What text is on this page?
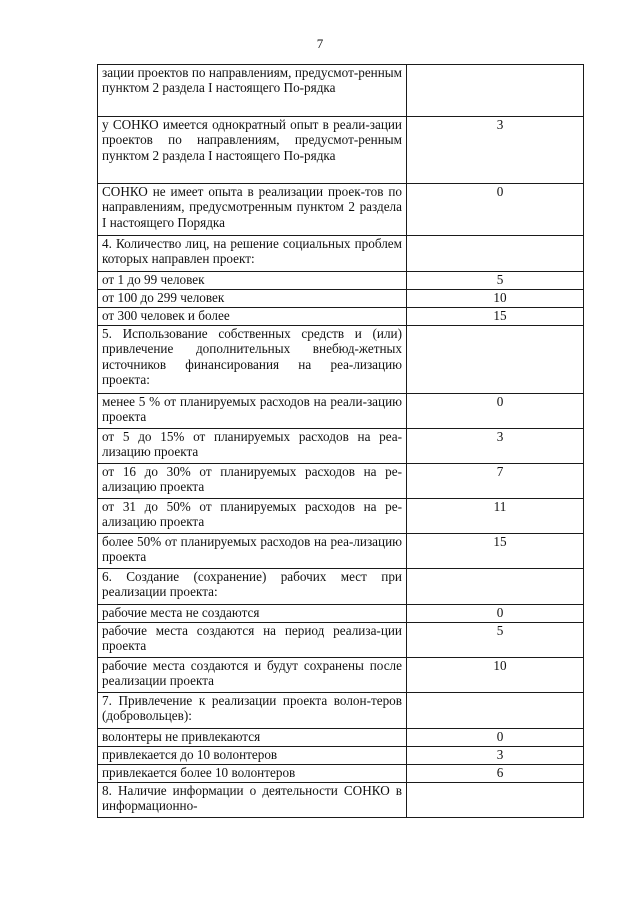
7
зации проектов по направлениям, предусмот-ренным пунктом 2 раздела I настоящего По-рядка	
у СОНКО имеется однократный опыт в реали-зации проектов по направлениям, предусмот-ренным пунктом 2 раздела I настоящего По-рядка	3
СОНКО не имеет опыта в реализации проек-тов по направлениям, предусмотренным пунктом 2 раздела I настоящего Порядка	0
4. Количество лиц, на решение социальных проблем которых направлен проект:	
от 1 до 99 человек	5
от 100 до 299 человек	10
от 300 человек и более	15
5. Использование собственных средств и (или) привлечение дополнительных внебюд-жетных источников финансирования на реа-лизацию проекта:	
менее 5 % от планируемых расходов на реали-зацию проекта	0
от 5 до 15% от планируемых расходов на реа-лизацию проекта	3
от 16 до 30% от планируемых расходов на ре-ализацию проекта	7
от 31 до 50% от планируемых расходов на ре-ализацию проекта	11
более 50% от планируемых расходов на реа-лизацию проекта	15
6. Создание (сохранение) рабочих мест при реализации проекта:	
рабочие места не создаются	0
рабочие места создаются на период реализа-ции проекта	5
рабочие места создаются и будут сохранены после реализации проекта	10
7. Привлечение к реализации проекта волон-теров (добровольцев):	
волонтеры не привлекаются	0
привлекается до 10 волонтеров	3
привлекается более 10 волонтеров	6
8. Наличие информации о деятельности СОНКО в информационно-	
